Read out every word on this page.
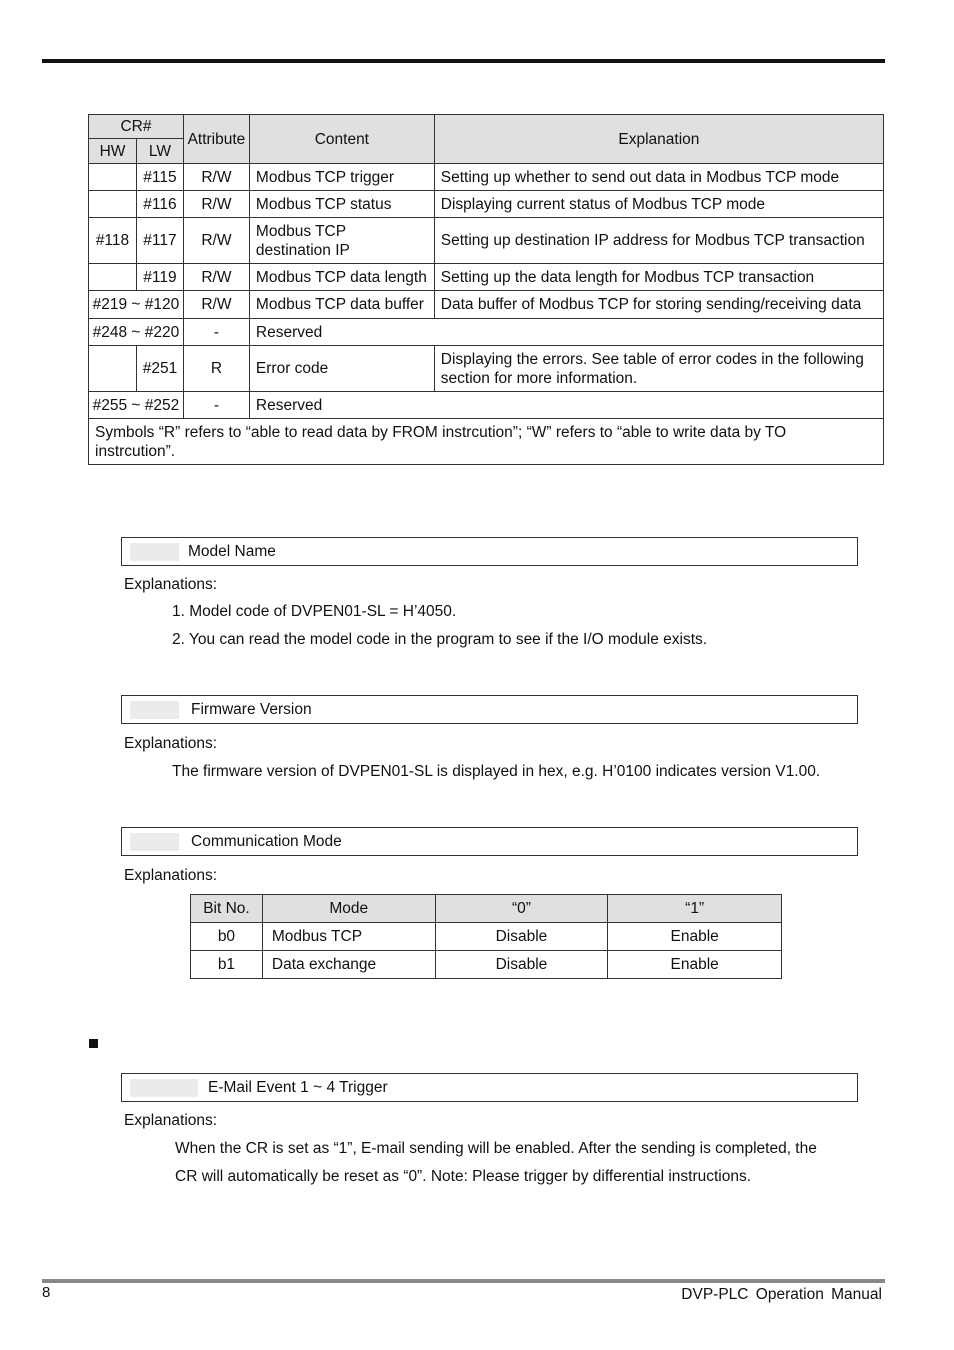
CR#		Attribute	Content	Explanation
HW	LW			
	#115	R/W	Modbus TCP trigger	Setting up whether to send out data in Modbus TCP mode
	#116	R/W	Modbus TCP status	Displaying current status of Modbus TCP mode
#118	#117	R/W	Modbus TCP destination IP	Setting up destination IP address for Modbus TCP transaction
	#119	R/W	Modbus TCP data length	Setting up the data length for Modbus TCP transaction
#219 ~ #120		R/W	Modbus TCP data buffer	Data buffer of Modbus TCP for storing sending/receiving data
#248 ~ #220		-	Reserved	
	#251	R	Error code	Displaying the errors. See table of error codes in the following section for more information.
#255 ~ #252		-	Reserved	
Symbols “R” refers to “able to read data by FROM instrcution”; “W” refers to “able to write data by TO instrcution”.				
Model Name
Explanations:
1. Model code of DVPEN01-SL = H’4050.
2. You can read the model code in the program to see if the I/O module exists.
Firmware Version
Explanations:
The firmware version of DVPEN01-SL is displayed in hex, e.g. H’0100 indicates version V1.00.
Communication Mode
Explanations:
Bit No.	Mode	“0”	“1”
b0	Modbus TCP	Disable	Enable
b1	Data exchange	Disable	Enable
E-Mail Event 1 ~ 4 Trigger
Explanations:
When the CR is set as “1”, E-mail sending will be enabled. After the sending is completed, the
CR will automatically be reset as “0”. Note: Please trigger by differential instructions.
8	DVP-PLC Operation Manual
